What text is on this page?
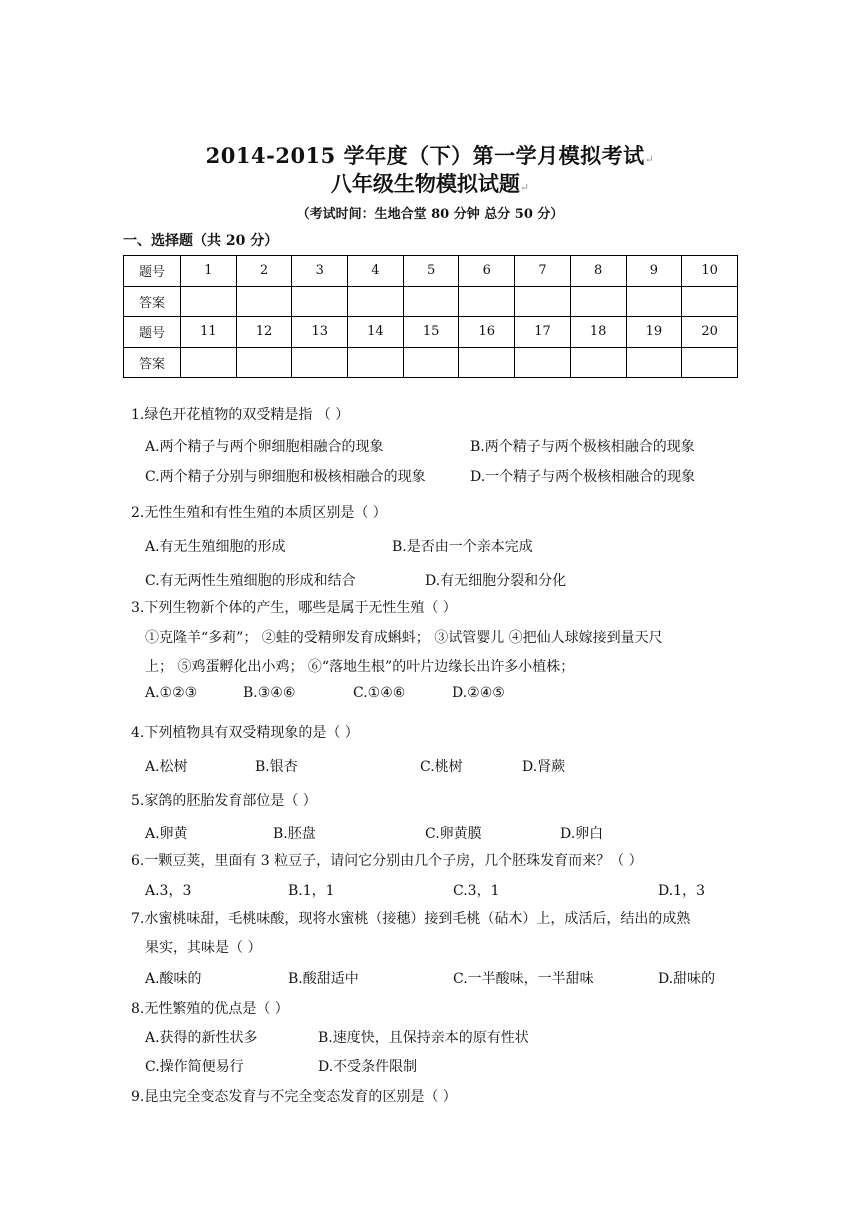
2014-2015 学年度（下）第一学月模拟考试↵
八年级生物模拟试题↵
（考试时间：生地合堂 80 分钟 总分 50 分）
一、选择题（共 20 分）
题号	1	2	3	4	5	6	7	8	9	10
答案										
题号	11	12	13	14	15	16	17	18	19	20
答案										
1.绿色开花植物的双受精是指 （ ）
A.两个精子与两个卵细胞相融合的现象	B.两个精子与两个极核相融合的现象
C.两个精子分别与卵细胞和极核相融合的现象	D.一个精子与两个极核相融合的现象
2.无性生殖和有性生殖的本质区别是（ ）
A.有无生殖细胞的形成	B.是否由一个亲本完成
C.有无两性生殖细胞的形成和结合	D.有无细胞分裂和分化
3.下列生物新个体的产生，哪些是属于无性生殖（ ）
①克隆羊“多莉”； ②蛙的受精卵发育成蝌蚪； ③试管婴儿 ④把仙人球嫁接到量天尺
上； ⑤鸡蛋孵化出小鸡； ⑥“落地生根”的叶片边缘长出许多小植株；
A.①②③	B.③④⑥	C.①④⑥	D.②④⑤
4.下列植物具有双受精现象的是（ ）
A.松树	B.银杏	C.桃树	D.肾蕨
5.家鸽的胚胎发育部位是（ ）
A.卵黄	B.胚盘	C.卵黄膜	D.卵白
6.一颗豆荚，里面有 3 粒豆子，请问它分别由几个子房，几个胚珠发育而来？（ ）
A.3，3	B.1，1	C.3，1	D.1，3
7.水蜜桃味甜，毛桃味酸，现将水蜜桃（接穗）接到毛桃（砧木）上，成活后，结出的成熟
果实，其味是（ ）
A.酸味的	B.酸甜适中	C.一半酸味，一半甜味	D.甜味的
8.无性繁殖的优点是（ ）
A.获得的新性状多	B.速度快，且保持亲本的原有性状
C.操作简便易行	D.不受条件限制
9.昆虫完全变态发育与不完全变态发育的区别是（ ）
